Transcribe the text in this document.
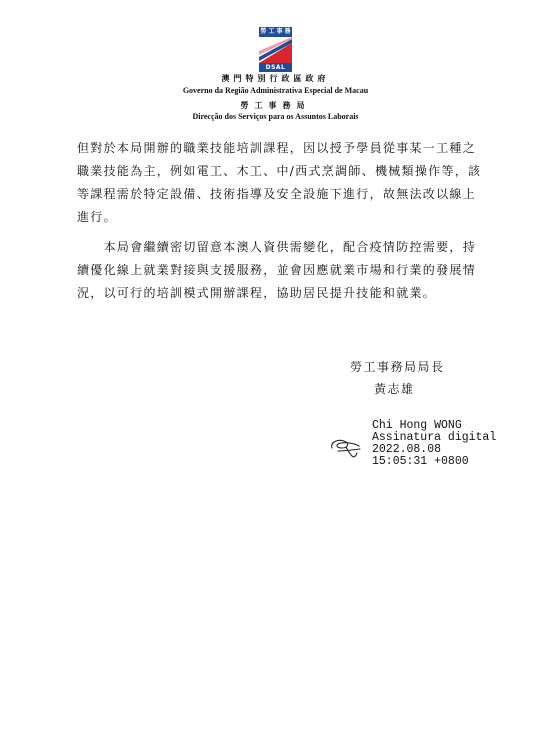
勞 工 事 務
DSAL
澳門特別行政區政府
Governo da Região Administrativa Especial de Macau
勞工事務局
Direcção dos Serviços para os Assuntos Laborais
但對於本局開辦的職業技能培訓課程，因以授予學員從事某一工種之
職業技能為主，例如電工、木工、中/西式烹調師、機械類操作等，該
等課程需於特定設備、技術指導及安全設施下進行，故無法改以線上
進行。
　　本局會繼續密切留意本澳人資供需變化，配合疫情防控需要，持
續優化線上就業對接與支援服務，並會因應就業市場和行業的發展情
況，以可行的培訓模式開辦課程，協助居民提升技能和就業。
勞工事務局局長
黃志雄
Chi Hong WONG
Assinatura digital
2022.08.08
15:05:31 +0800
